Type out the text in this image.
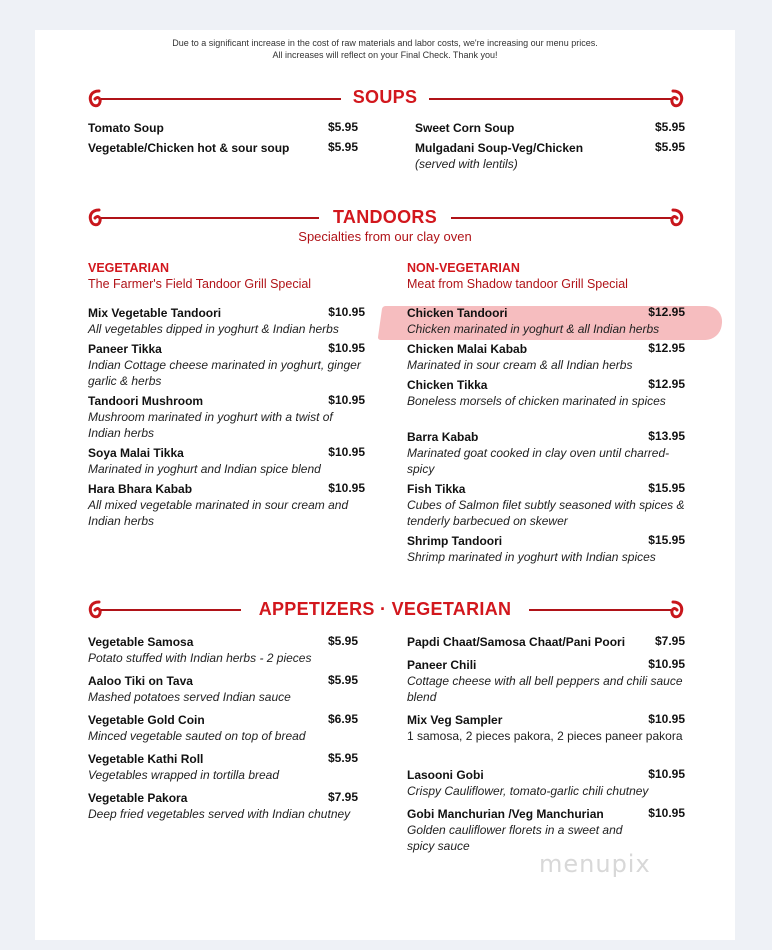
Due to a significant increase in the cost of raw materials and labor costs, we're increasing our menu prices.
All increases will reflect on your Final Check. Thank you!
SOUPS
Tomato Soup	$5.95
Vegetable/Chicken hot & sour soup	$5.95
Sweet Corn Soup	$5.95
Mulgadani Soup-Veg/Chicken	$5.95
(served with lentils)
TANDOORS
Specialties from our clay oven
VEGETARIAN
The Farmer's Field Tandoor Grill Special
NON-VEGETARIAN
Meat from Shadow tandoor Grill Special
Mix Vegetable Tandoori	$10.95
All vegetables dipped in yoghurt & Indian herbs
Paneer Tikka	$10.95
Indian Cottage cheese marinated in yoghurt, ginger garlic & herbs
Tandoori Mushroom	$10.95
Mushroom marinated in yoghurt with a twist of Indian herbs
Soya Malai Tikka	$10.95
Marinated in yoghurt and Indian spice blend
Hara Bhara Kabab	$10.95
All mixed vegetable marinated in sour cream and Indian herbs
Chicken Tandoori	$12.95
Chicken marinated in yoghurt & all Indian herbs
Chicken Malai Kabab	$12.95
Marinated in sour cream & all Indian herbs
Chicken Tikka	$12.95
Boneless morsels of chicken marinated in spices
Barra Kabab	$13.95
Marinated goat cooked in clay oven until charred-spicy
Fish Tikka	$15.95
Cubes of Salmon filet subtly seasoned with spices & tenderly barbecued on skewer
Shrimp Tandoori	$15.95
Shrimp marinated in yoghurt with Indian spices
APPETIZERS · VEGETARIAN
Vegetable Samosa	$5.95
Potato stuffed with Indian herbs - 2 pieces
Aaloo Tiki on Tava	$5.95
Mashed potatoes served Indian sauce
Vegetable Gold Coin	$6.95
Minced vegetable sauted on top of bread
Vegetable Kathi Roll	$5.95
Vegetables wrapped in tortilla bread
Vegetable Pakora	$7.95
Deep fried vegetables served with Indian chutney
Papdi Chaat/Samosa Chaat/Pani Poori	$7.95
Paneer Chili	$10.95
Cottage cheese with all bell peppers and chili sauce blend
Mix Veg Sampler	$10.95
1 samosa, 2 pieces pakora, 2 pieces paneer pakora
Lasooni Gobi	$10.95
Crispy Cauliflower, tomato-garlic chili chutney
Gobi Manchurian /Veg Manchurian	$10.95
Golden cauliflower florets in a sweet and spicy sauce
menupix
